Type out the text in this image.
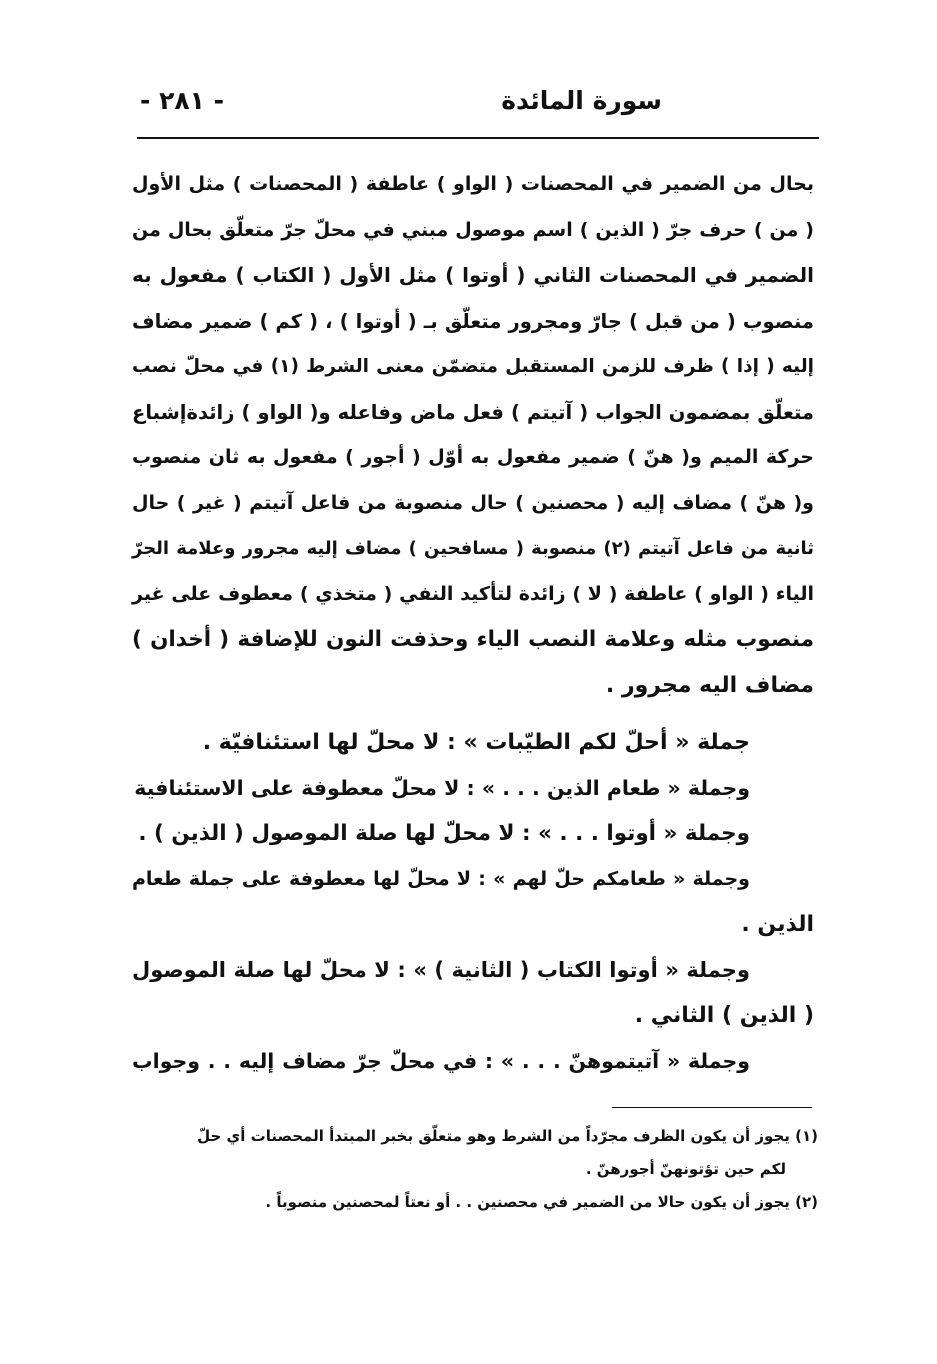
سورة المائدة
- ٢٨١ -
بحال من الضمير في المحصنات ( الواو ) عاطفة ( المحصنات ) مثل الأول
( من ) حرف جرّ ( الذين ) اسم موصول مبني في محلّ جرّ متعلّق بحال من
الضمير في المحصنات الثاني ( أوتوا ) مثل الأول ( الكتاب ) مفعول به
منصوب ( من قبل ) جارّ ومجرور متعلّق بـ ( أوتوا ) ، ( كم ) ضمير مضاف
إليه ( إذا ) ظرف للزمن المستقبل متضمّن معنى الشرط (١) في محلّ نصب
متعلّق بمضمون الجواب ( آتيتم ) فعل ماض وفاعله و( الواو ) زائدةإشباع
حركة الميم و( هنّ ) ضمير مفعول به أوّل ( أجور ) مفعول به ثان منصوب
و( هنّ ) مضاف إليه ( محصنين ) حال منصوبة من فاعل آتيتم ( غير ) حال
ثانية من فاعل آتيتم (٢) منصوبة ( مسافحين ) مضاف إليه مجرور وعلامة الجرّ
الياء ( الواو ) عاطفة ( لا ) زائدة لتأكيد النفي ( متخذي ) معطوف على غير
منصوب مثله وعلامة النصب الياء وحذفت النون للإضافة ( أخدان )
مضاف اليه مجرور .
جملة « أحلّ لكم الطيّبات » : لا محلّ لها استئنافيّة .
وجملة « طعام الذين . . . » : لا محلّ معطوفة على الاستئنافية
وجملة « أوتوا . . . » : لا محلّ لها صلة الموصول ( الذين ) .
وجملة « طعامكم حلّ لهم » : لا محلّ لها معطوفة على جملة طعام
الذين .
وجملة « أوتوا الكتاب ( الثانية ) » : لا محلّ لها صلة الموصول
( الذين ) الثاني .
وجملة « آتيتموهنّ . . . » : في محلّ جرّ مضاف إليه . . وجواب
(١) يجوز أن يكون الظرف مجرّداً من الشرط وهو متعلّق بخبر المبتدأ المحصنات أي حلّ
لكم حين تؤتونهنّ أجورهنّ .
(٢) يجوز أن يكون حالا من الضمير في محصنين . . أو نعتاً لمحصنين منصوباً .
